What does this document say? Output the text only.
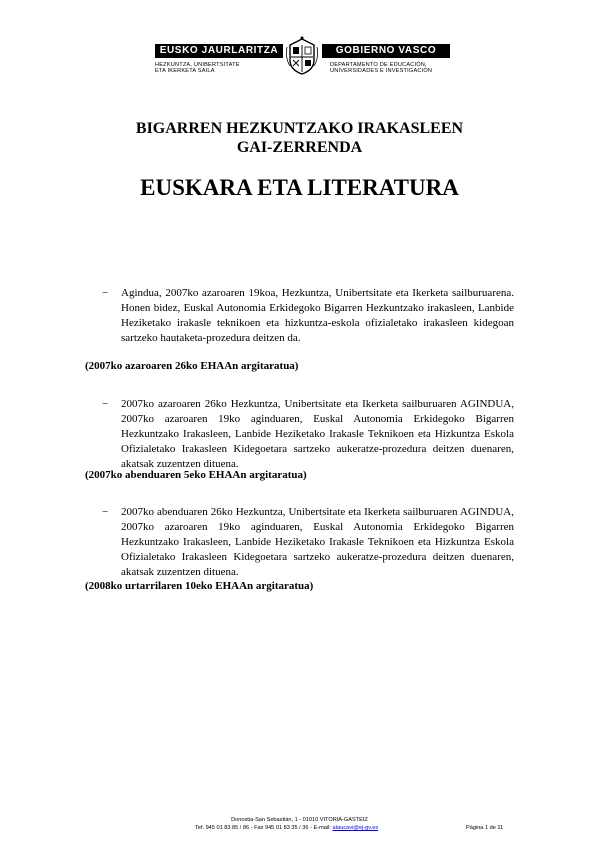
EUSKO JAURLARITZA	GOBIERNO VASCO
HEZKUNTZA, UNIBERTSITATE
ETA IKERKETA SAILA
DEPARTAMENTO DE EDUCACIÓN,
UNIVERSIDADES E INVESTIGACIÓN
BIGARREN HEZKUNTZAKO IRAKASLEEN
GAI-ZERRENDA
EUSKARA ETA LITERATURA
− Agindua, 2007ko azaroaren 19koa, Hezkuntza, Unibertsitate eta Ikerketa sailburuarena. Honen bidez, Euskal Autonomia Erkidegoko Bigarren Hezkuntzako irakasleen, Lanbide Heziketako irakasle teknikoen eta hizkuntza-eskola ofizialetako irakasleen kidegoan sartzeko hautaketa-prozedura deitzen da.
(2007ko azaroaren 26ko EHAAn argitaratua)
− 2007ko azaroaren 26ko Hezkuntza, Unibertsitate eta Ikerketa sailburuaren AGINDUA, 2007ko azaroaren 19ko aginduaren, Euskal Autonomia Erkidegoko Bigarren Hezkuntzako Irakasleen, Lanbide Heziketako Irakasle Teknikoen eta Hizkuntza Eskola Ofizialetako Irakasleen Kidegoetara sartzeko aukeratze-prozedura deitzen duenaren, akatsak zuzentzen dituena.
(2007ko abenduaren 5eko EHAAn argitaratua)
− 2007ko abenduaren 26ko Hezkuntza, Unibertsitate eta Ikerketa sailburuaren AGINDUA, 2007ko azaroaren 19ko aginduaren, Euskal Autonomia Erkidegoko Bigarren Hezkuntzako Irakasleen, Lanbide Heziketako Irakasle Teknikoen eta Hizkuntza Eskola Ofizialetako Irakasleen Kidegoetara sartzeko aukeratze-prozedura deitzen duenaren, akatsak zuzentzen dituena.
(2008ko urtarrilaren 10eko EHAAn argitaratua)
Donostia-San Sebastián, 1 - 01010 VITORIA-GASTEIZ
Tef. 945 01 83 85 / 86 - Fax 945 01 83 35 / 36 - E-mail: ataucavi@ej-gv.es	Página 1 de 11
